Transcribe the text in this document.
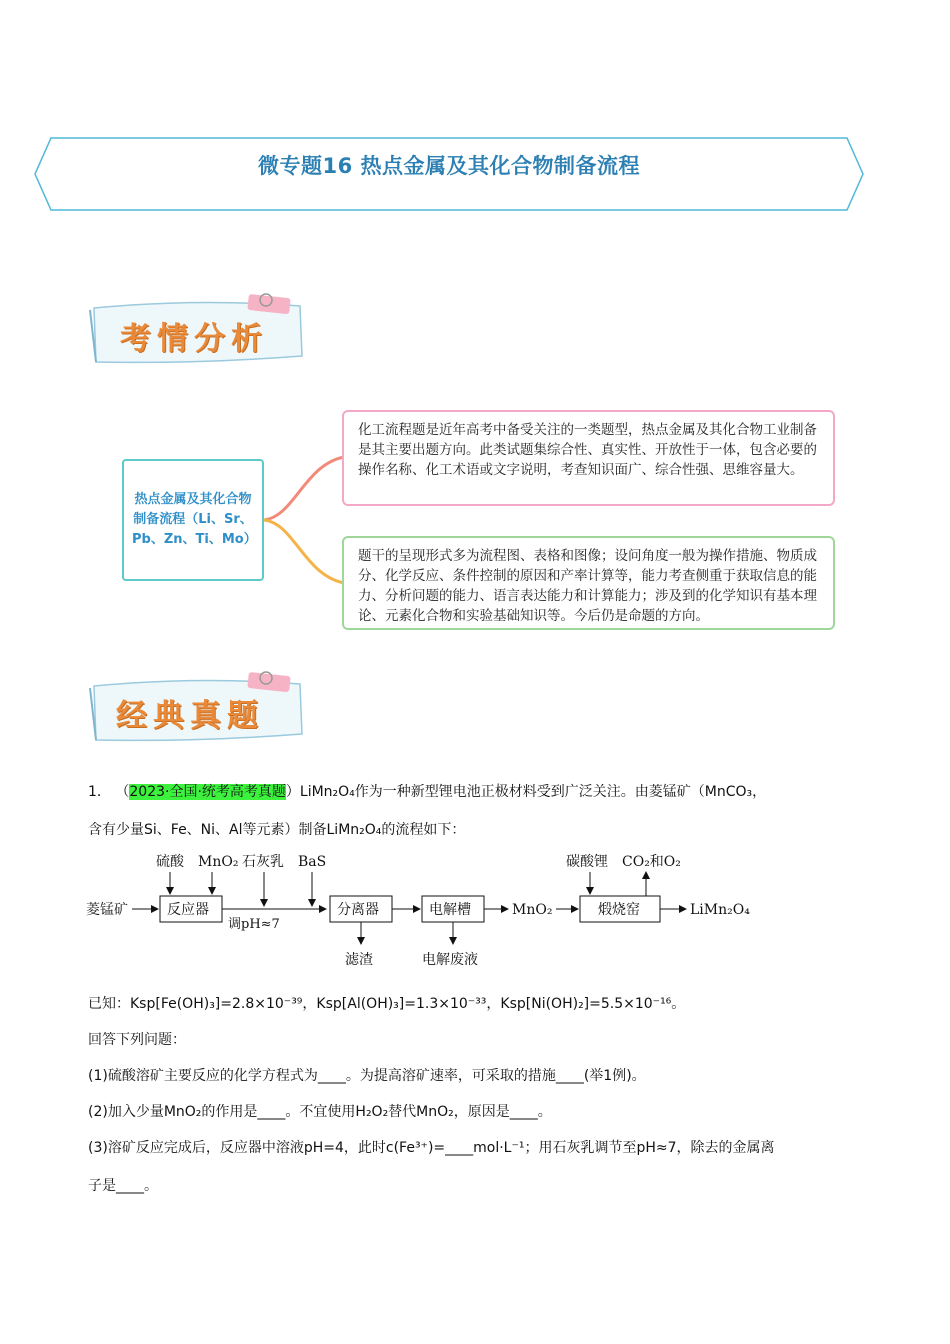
微专题16 热点金属及其化合物制备流程
考情分析
热点金属及其化合物制备流程（Li、Sr、Pb、Zn、Ti、Mo）
化工流程题是近年高考中备受关注的一类题型，热点金属及其化合物工业制备是其主要出题方向。此类试题集综合性、真实性、开放性于一体，包含必要的操作名称、化工术语或文字说明，考查知识面广、综合性强、思维容量大。
题干的呈现形式多为流程图、表格和图像；设问角度一般为操作措施、物质成分、化学反应、条件控制的原因和产率计算等，能力考查侧重于获取信息的能力、分析问题的能力、语言表达能力和计算能力；涉及到的化学知识有基本理论、元素化合物和实验基础知识等。今后仍是命题的方向。
经典真题
1． （2023·全国·统考高考真题）LiMn₂O₄作为一种新型锂电池正极材料受到广泛关注。由菱锰矿（MnCO₃，
含有少量Si、Fe、Ni、Al等元素）制备LiMn₂O₄的流程如下：
菱锰矿	反应器
调pH≈7
硫酸 MnO₂ 石灰乳 BaS
分离器
滤渣
电解槽
电解废液
MnO₂	煅烧窑
碳酸锂 CO₂和O₂
LiMn₂O₄
已知：Ksp[Fe(OH)₃]=2.8×10⁻³⁹，Ksp[Al(OH)₃]=1.3×10⁻³³，Ksp[Ni(OH)₂]=5.5×10⁻¹⁶。
回答下列问题：
(1)硫酸溶矿主要反应的化学方程式为____。为提高溶矿速率，可采取的措施____(举1例)。
(2)加入少量MnO₂的作用是____。不宜使用H₂O₂替代MnO₂，原因是____。
(3)溶矿反应完成后，反应器中溶液pH=4，此时c(Fe³⁺)=____mol·L⁻¹；用石灰乳调节至pH≈7，除去的金属离
子是____。
